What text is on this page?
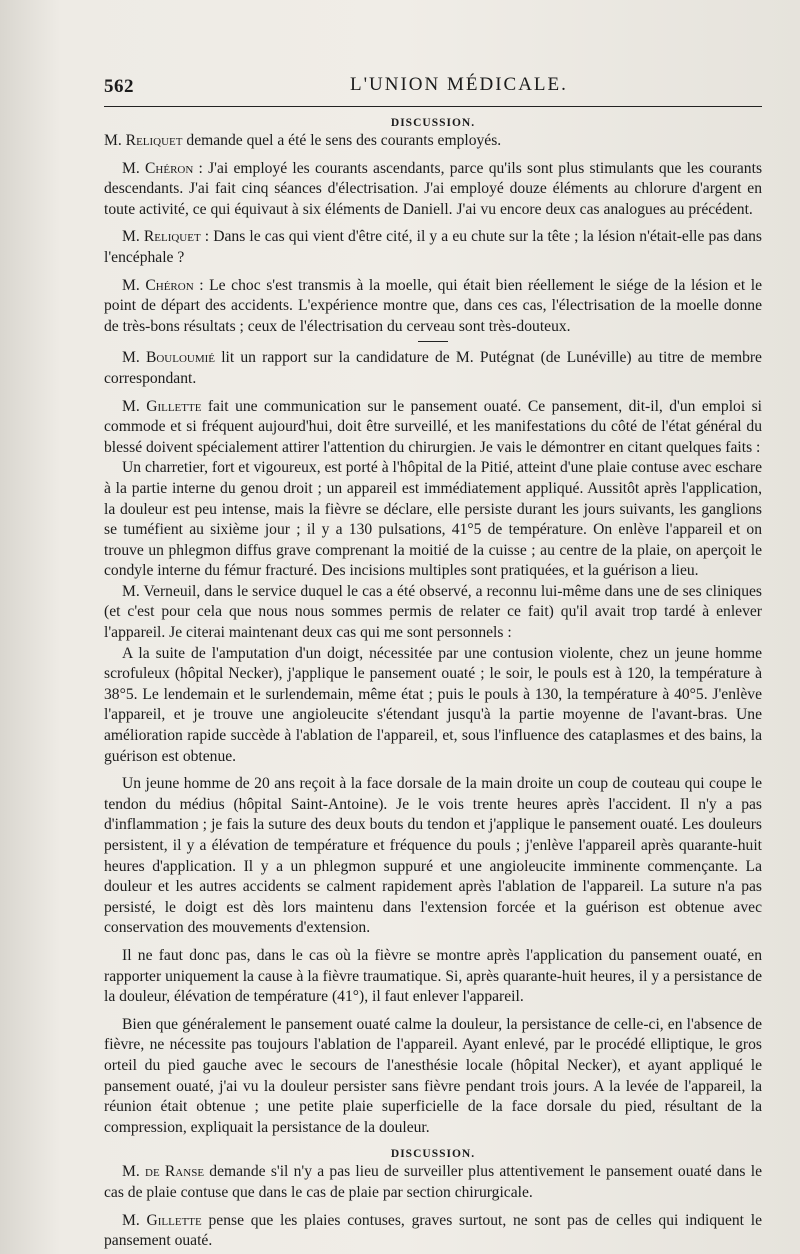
562	L'UNION MÉDICALE.
DISCUSSION.

M. Reliquet demande quel a été le sens des courants employés.

M. Chéron : J'ai employé les courants ascendants, parce qu'ils sont plus stimulants que les courants descendants. J'ai fait cinq séances d'électrisation. J'ai employé douze éléments au chlorure d'argent en toute activité, ce qui équivaut à six éléments de Daniell. J'ai vu encore deux cas analogues au précédent.

M. Reliquet : Dans le cas qui vient d'être cité, il y a eu chute sur la tête ; la lésion n'était-elle pas dans l'encéphale ?

M. Chéron : Le choc s'est transmis à la moelle, qui était bien réellement le siége de la lésion et le point de départ des accidents. L'expérience montre que, dans ces cas, l'électrisation de la moelle donne de très-bons résultats ; ceux de l'électrisation du cerveau sont très-douteux.

M. Bouloumié lit un rapport sur la candidature de M. Putégnat (de Lunéville) au titre de membre correspondant.

M. Gillette fait une communication sur le pansement ouaté. Ce pansement, dit-il, d'un emploi si commode et si fréquent aujourd'hui, doit être surveillé, et les manifestations du côté de l'état général du blessé doivent spécialement attirer l'attention du chirurgien. Je vais le démontrer en citant quelques faits :

Un charretier, fort et vigoureux, est porté à l'hôpital de la Pitié, atteint d'une plaie contuse avec eschare à la partie interne du genou droit ; un appareil est immédiatement appliqué. Aussitôt après l'application, la douleur est peu intense, mais la fièvre se déclare, elle persiste durant les jours suivants, les ganglions se tuméfient au sixième jour ; il y a 130 pulsations, 41°5 de température. On enlève l'appareil et on trouve un phlegmon diffus grave comprenant la moitié de la cuisse ; au centre de la plaie, on aperçoit le condyle interne du fémur fracturé. Des incisions multiples sont pratiquées, et la guérison a lieu.

M. Verneuil, dans le service duquel le cas a été observé, a reconnu lui-même dans une de ses cliniques (et c'est pour cela que nous nous sommes permis de relater ce fait) qu'il avait trop tardé à enlever l'appareil. Je citerai maintenant deux cas qui me sont personnels :

A la suite de l'amputation d'un doigt, nécessitée par une contusion violente, chez un jeune homme scrofuleux (hôpital Necker), j'applique le pansement ouaté ; le soir, le pouls est à 120, la température à 38°5. Le lendemain et le surlendemain, même état ; puis le pouls à 130, la température à 40°5. J'enlève l'appareil, et je trouve une angioleucite s'étendant jusqu'à la partie moyenne de l'avant-bras. Une amélioration rapide succède à l'ablation de l'appareil, et, sous l'influence des cataplasmes et des bains, la guérison est obtenue.

Un jeune homme de 20 ans reçoit à la face dorsale de la main droite un coup de couteau qui coupe le tendon du médius (hôpital Saint-Antoine). Je le vois trente heures après l'accident. Il n'y a pas d'inflammation ; je fais la suture des deux bouts du tendon et j'applique le pansement ouaté. Les douleurs persistent, il y a élévation de température et fréquence du pouls ; j'enlève l'appareil après quarante-huit heures d'application. Il y a un phlegmon suppuré et une angioleucite imminente commençante. La douleur et les autres accidents se calment rapidement après l'ablation de l'appareil. La suture n'a pas persisté, le doigt est dès lors maintenu dans l'extension forcée et la guérison est obtenue avec conservation des mouvements d'extension.

Il ne faut donc pas, dans le cas où la fièvre se montre après l'application du pansement ouaté, en rapporter uniquement la cause à la fièvre traumatique. Si, après quarante-huit heures, il y a persistance de la douleur, élévation de température (41°), il faut enlever l'appareil.

Bien que généralement le pansement ouaté calme la douleur, la persistance de celle-ci, en l'absence de fièvre, ne nécessite pas toujours l'ablation de l'appareil. Ayant enlevé, par le procédé elliptique, le gros orteil du pied gauche avec le secours de l'anesthésie locale (hôpital Necker), et ayant appliqué le pansement ouaté, j'ai vu la douleur persister sans fièvre pendant trois jours. A la levée de l'appareil, la réunion était obtenue ; une petite plaie superficielle de la face dorsale du pied, résultant de la compression, expliquait la persistance de la douleur.

DISCUSSION.

M. de Ranse demande s'il n'y a pas lieu de surveiller plus attentivement le pansement ouaté dans le cas de plaie contuse que dans le cas de plaie par section chirurgicale.

M. Gillette pense que les plaies contuses, graves surtout, ne sont pas de celles qui indiquent le pansement ouaté.
